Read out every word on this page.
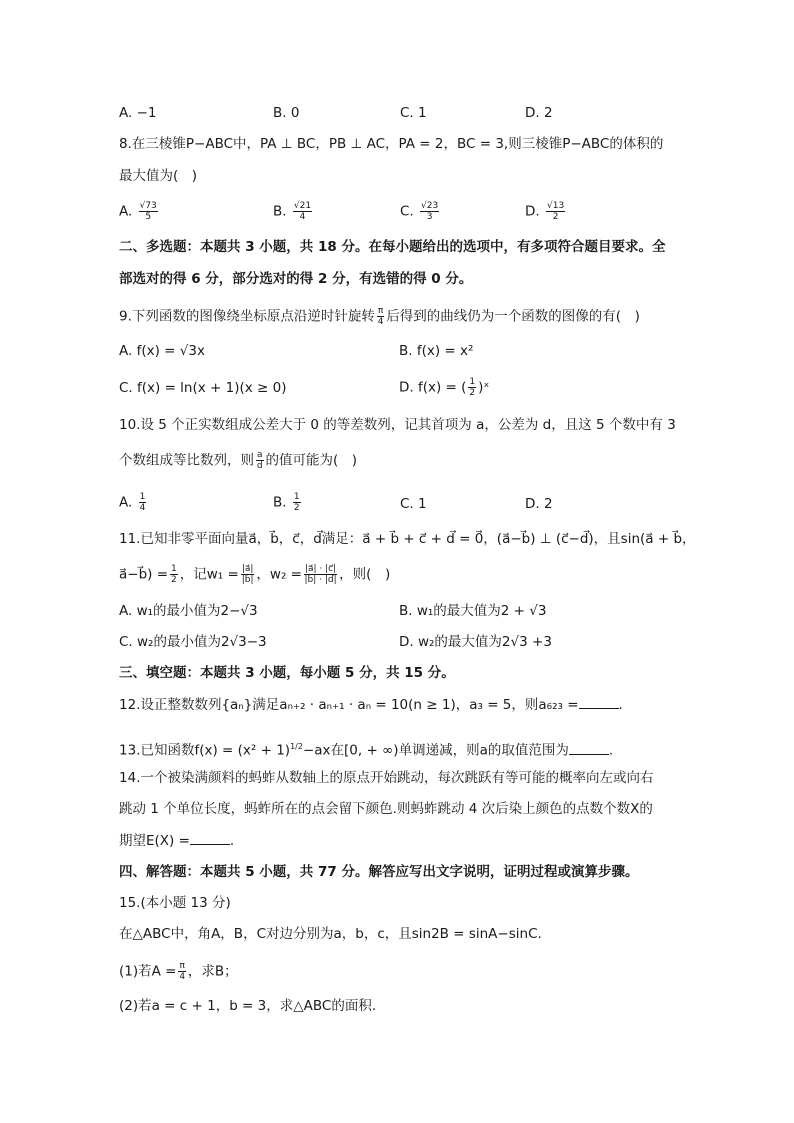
A. −1	B. 0	C. 1	D. 2
8.在三棱锥P−ABC中，PA ⊥ BC，PB ⊥ AC，PA = 2，BC = 3,则三棱锥P−ABC的体积的
最大值为(　)
A. $\frac{√73}{5}$	B. $\frac{√21}{4}$	C. $\frac{√23}{3}$	D. $\frac{√13}{2}$
二、多选题：本题共 3 小题，共 18 分。在每小题给出的选项中，有多项符合题目要求。全
部选对的得 6 分，部分选对的得 2 分，有选错的得 0 分。
9.下列函数的图像绕坐标原点沿逆时针旋转 $\frac{\pi}{4}$ 后得到的曲线仍为一个函数的图像的有(　)
A. f(x) = √3x	B. f(x) = x²
C. f(x) = ln(x + 1)(x ≥ 0)	D. f(x) = ( $\frac{1}{2}$ )ˣ
10.设 5 个正实数组成公差大于 0 的等差数列，记其首项为 a，公差为 d，且这 5 个数中有 3
个数组成等比数列，则 $\frac{a}{d}$ 的值可能为(　)
A. $\frac{1}{4}$	B. $\frac{1}{2}$	C. 1	D. 2
11.已知非零平面向量a⃗，b⃗，c⃗，d⃗满足：a⃗ + b⃗ + c⃗ + d⃗ = 0⃗，(a⃗−b⃗) ⊥ (c⃗−d⃗)，且sin(a⃗ + b⃗，
a⃗−b⃗) = $\frac{1}{2}$ ，记$w_1 = \frac{|a⃗|}{|b⃗|}$ ，$w_2 = \frac{|a⃗| \cdot |c⃗|}{|b⃗| \cdot |d⃗|}$ ，则(　)
A. w₁的最小值为2−√3	B. w₁的最大值为2 + √3
C. w₂的最小值为2√3−3	D. w₂的最大值为2√3 +3
三、填空题：本题共 3 小题，每小题 5 分，共 15 分。
12.设正整数数列{aₙ}满足aₙ₊₂ · aₙ₊₁ · aₙ = 10(n ≥ 1)，a₃ = 5，则a₆₂₃ =	.
13.已知函数$f(x) = (x^2 + 1)^{1/2}-ax$在[0, + ∞)单调递减，则a的取值范围为	.
14.一个被染满颜料的蚂蚱从数轴上的原点开始跳动，每次跳跃有等可能的概率向左或向右
跳动 1 个单位长度，蚂蚱所在的点会留下颜色.则蚂蚱跳动 4 次后染上颜色的点数个数X的
期望E(X) =	.
四、解答题：本题共 5 小题，共 77 分。解答应写出文字说明，证明过程或演算步骤。
15.(本小题 13 分)
在△ABC中，角A，B，C对边分别为a，b，c，且sin2B = sinA−sinC.
(1)若$A = \frac{\pi}{4}$ ，求B；
(2)若a = c + 1，b = 3，求△ABC的面积.
